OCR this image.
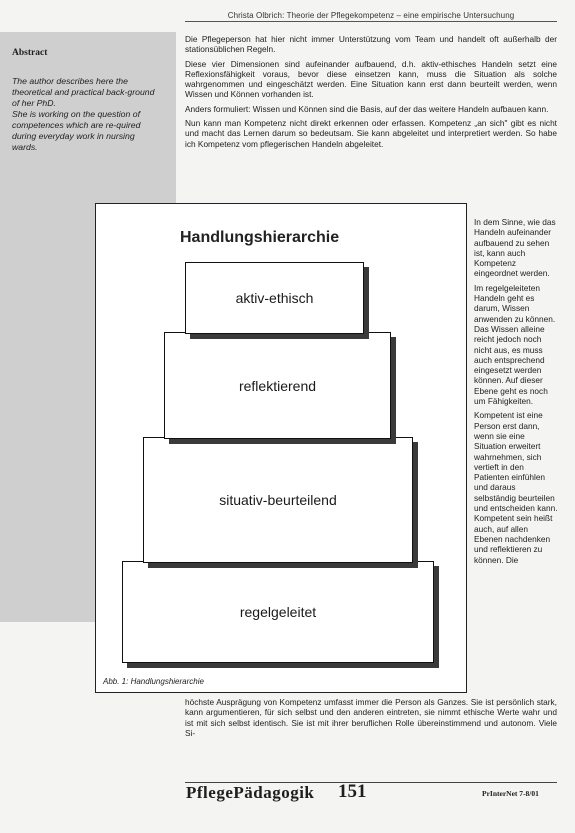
Christa Olbrich: Theorie der Pflegekompetenz – eine empirische Untersuchung
Abstract

The author describes here the theoretical and practical back-ground of her PhD.

She is working on the question of competences which are re-quired during everyday work in nursing wards.

Die Pflegeperson hat hier nicht immer Unterstützung vom Team und handelt oft außerhalb der stationsüblichen Regeln.

Diese vier Dimensionen sind aufeinander aufbauend, d.h. aktiv-ethisches Handeln setzt eine Reflexionsfähigkeit voraus, bevor diese einsetzen kann, muss die Situation als solche wahrgenommen und eingeschätzt werden. Eine Situation kann erst dann beurteilt werden, wenn Wissen und Können vorhanden ist.

Anders formuliert: Wissen und Können sind die Basis, auf der das weitere Handeln aufbauen kann.

Nun kann man Kompetenz nicht direkt erkennen oder erfassen. Kompetenz „an sich" gibt es nicht und macht das Lernen darum so bedeutsam. Sie kann abgeleitet und interpretiert werden. So habe ich Kompetenz vom pflegerischen Handeln abgeleitet.

In dem Sinne, wie das Handeln aufeinander aufbauend zu sehen ist, kann auch Kompetenz eingeordnet werden.

Im regelgeleiteten Handeln geht es darum, Wissen anwenden zu können. Das Wissen alleine reicht jedoch noch nicht aus, es muss auch entsprechend eingesetzt werden können. Auf dieser Ebene geht es noch um Fähigkeiten.

Kompetent ist eine Person erst dann, wenn sie eine Situation erweitert wahrnehmen, sich vertieft in den Patienten einfühlen und daraus selbständig beurteilen und entscheiden kann. Kompetent sein heißt auch, auf allen Ebenen nachdenken und reflektieren zu können. Die

Handlungshierarchie
regelgeleitet
situativ-beurteilend
reflektierend
aktiv-ethisch
Abb. 1: Handlungshierarchie
höchste Ausprägung von Kompetenz umfasst immer die Person als Ganzes. Sie ist persönlich stark, kann argumentieren, für sich selbst und den anderen eintreten, sie nimmt ethische Werte wahr und ist mit sich selbst identisch. Sie ist mit ihrer beruflichen Rolle übereinstimmend und autonom. Viele Si-
PflegePädagogik 151	PrInterNet 7-8/01
